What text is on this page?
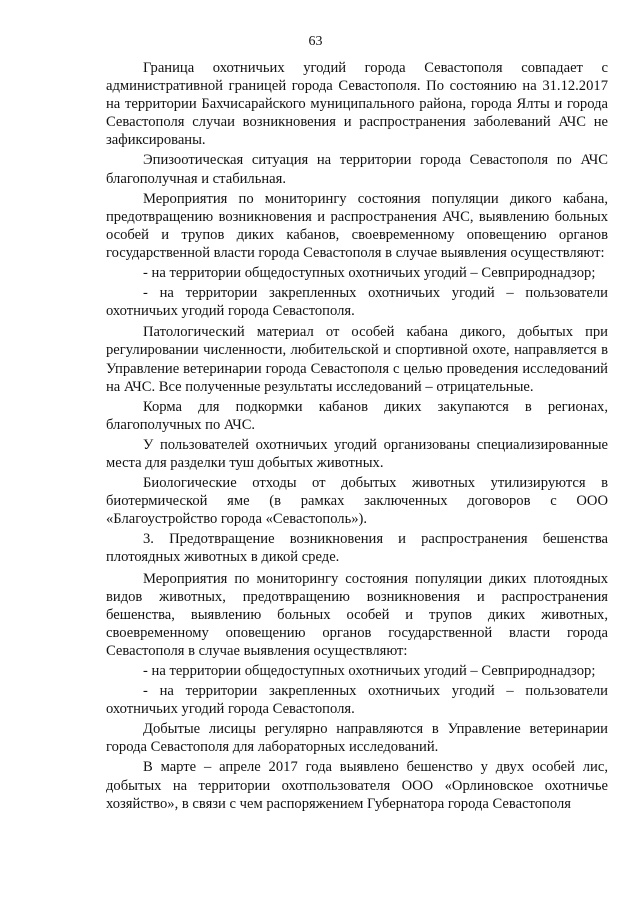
63

Граница охотничьих угодий города Севастополя совпадает с административной границей города Севастополя. По состоянию на 31.12.2017 на территории Бахчисарайского муниципального района, города Ялты и города Севастополя случаи возникновения и распространения заболеваний АЧС не зафиксированы.

Эпизоотическая ситуация на территории города Севастополя по АЧС благополучная и стабильная.

Мероприятия по мониторингу состояния популяции дикого кабана, предотвращению возникновения и распространения АЧС, выявлению больных особей и трупов диких кабанов, своевременному оповещению органов государственной власти города Севастополя в случае выявления осуществляют:

- на территории общедоступных охотничьих угодий – Севприроднадзор;

- на территории закрепленных охотничьих угодий – пользователи охотничьих угодий города Севастополя.

Патологический материал от особей кабана дикого, добытых при регулировании численности, любительской и спортивной охоте, направляется в Управление ветеринарии города Севастополя с целью проведения исследований на АЧС. Все полученные результаты исследований – отрицательные.

Корма для подкормки кабанов диких закупаются в регионах, благополучных по АЧС.

У пользователей охотничьих угодий организованы специализированные места для разделки туш добытых животных.

Биологические отходы от добытых животных утилизируются в биотермической яме (в рамках заключенных договоров с ООО «Благоустройство города «Севастополь»).

3. Предотвращение возникновения и распространения бешенства плотоядных животных в дикой среде.

Мероприятия по мониторингу состояния популяции диких плотоядных видов животных, предотвращению возникновения и распространения бешенства, выявлению больных особей и трупов диких животных, своевременному оповещению органов государственной власти города Севастополя в случае выявления осуществляют:

- на территории общедоступных охотничьих угодий – Севприроднадзор;

- на территории закрепленных охотничьих угодий – пользователи охотничьих угодий города Севастополя.

Добытые лисицы регулярно направляются в Управление ветеринарии города Севастополя для лабораторных исследований.

В марте – апреле 2017 года выявлено бешенство у двух особей лис, добытых на территории охотпользователя ООО «Орлиновское охотничье хозяйство», в связи с чем распоряжением Губернатора города Севастополя
